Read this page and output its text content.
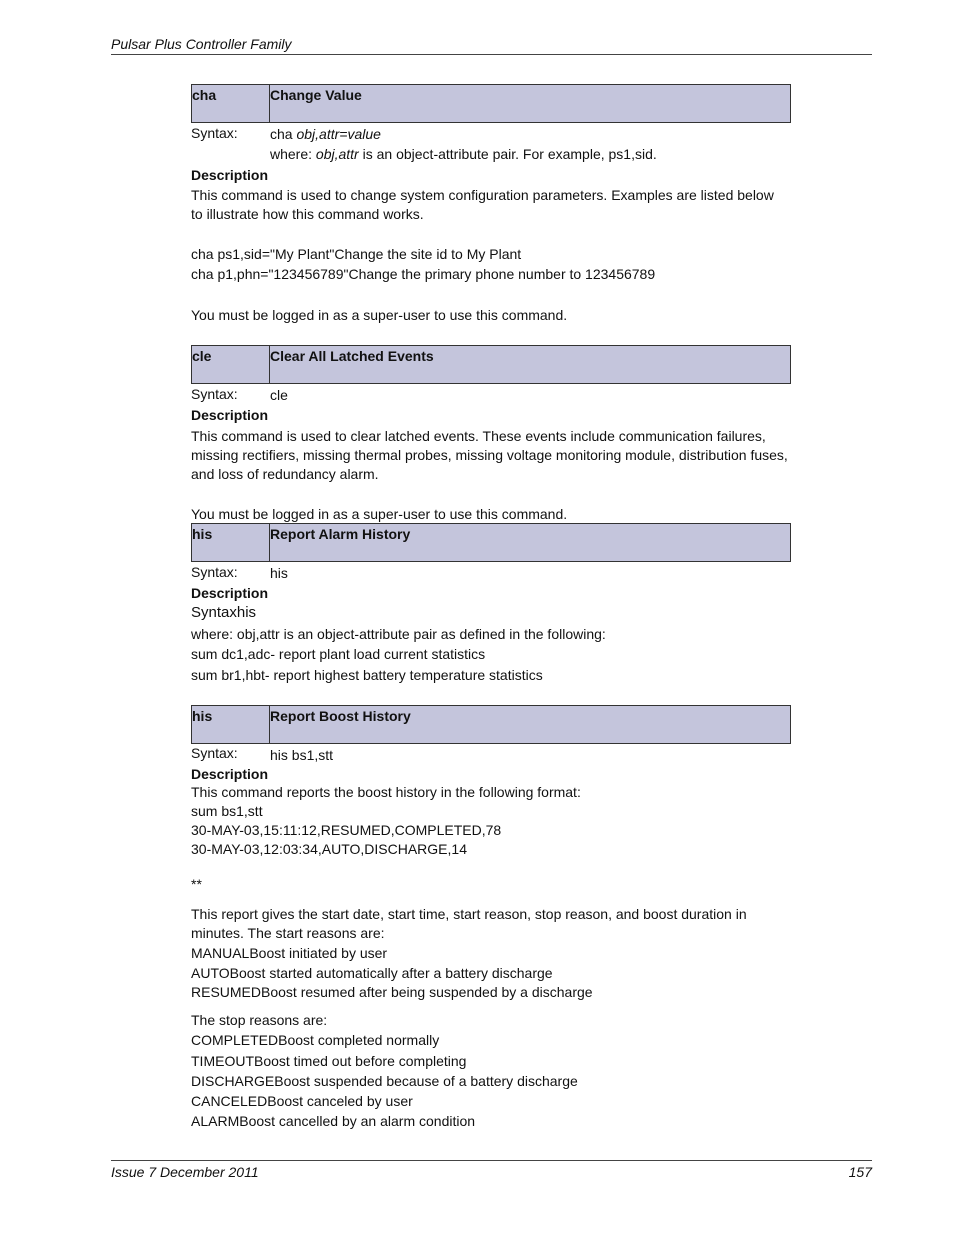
Pulsar Plus Controller Family
cha	Change Value
Syntax: cha obj,attr=value
where: obj,attr is an object-attribute pair. For example, ps1,sid.
Description
This command is used to change system configuration parameters. Examples are listed below to illustrate how this command works.
cha ps1,sid="My Plant"Change the site id to My Plant
cha p1,phn="123456789"Change the primary phone number to 123456789
You must be logged in as a super-user to use this command.
cle	Clear All Latched Events
Syntax: cle
Description
This command is used to clear latched events. These events include communication failures, missing rectifiers, missing thermal probes, missing voltage monitoring module, distribution fuses, and loss of redundancy alarm.
You must be logged in as a super-user to use this command.
his	Report Alarm History
Syntax: his
Description
Syntaxhis
where: obj,attr is an object-attribute pair as defined in the following:
sum dc1,adc- report plant load current statistics
sum br1,hbt- report highest battery temperature statistics
his	Report Boost History
Syntax: his bs1,stt
Description
This command reports the boost history in the following format:
sum bs1,stt
30-MAY-03,15:11:12,RESUMED,COMPLETED,78
30-MAY-03,12:03:34,AUTO,DISCHARGE,14
**
This report gives the start date, start time, start reason, stop reason, and boost duration in minutes. The start reasons are:
MANUALBoost initiated by user
AUTOBoost started automatically after a battery discharge
RESUMEDBoost resumed after being suspended by a discharge
The stop reasons are:
COMPLETEDBoost completed normally
TIMEOUTBoost timed out before completing
DISCHARGEBoost suspended because of a battery discharge
CANCELEDBoost canceled by user
ALARMBoost cancelled by an alarm condition
Issue 7 December 2011	157
